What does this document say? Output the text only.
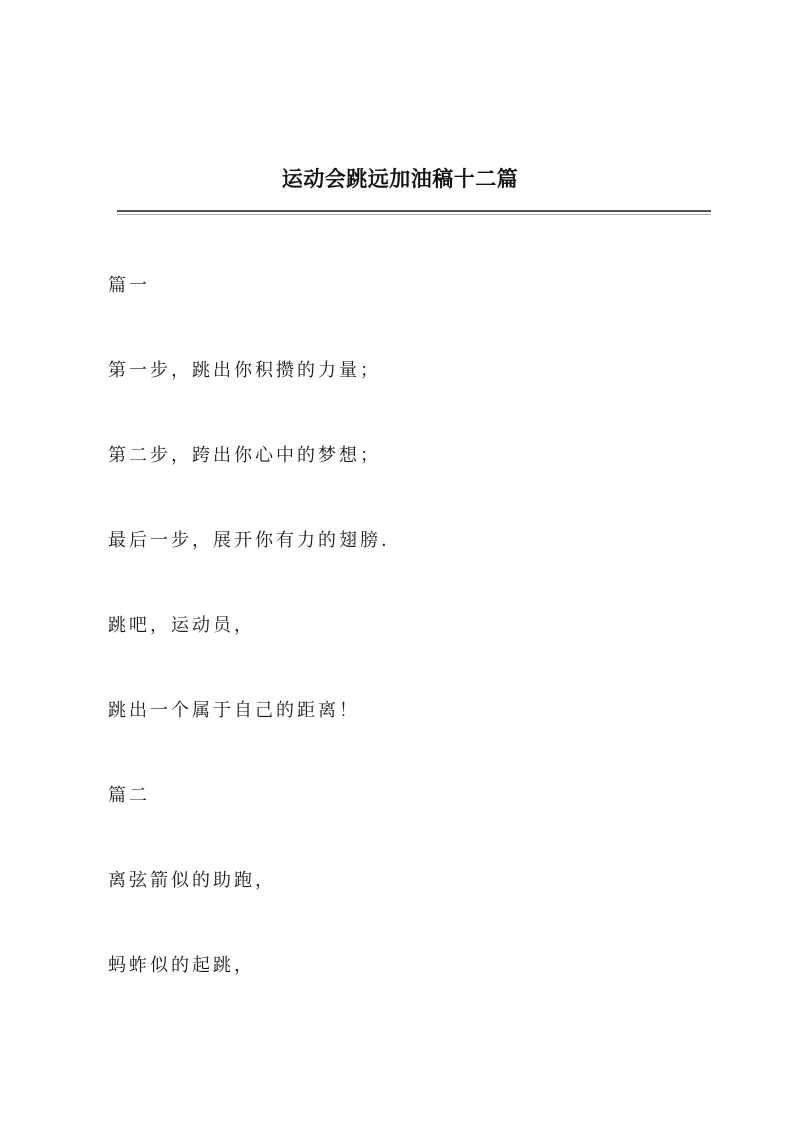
运动会跳远加油稿十二篇
篇一
第一步，跳出你积攒的力量；
第二步，跨出你心中的梦想；
最后一步，展开你有力的翅膀.
跳吧，运动员，
跳出一个属于自己的距离！
篇二
离弦箭似的助跑，
蚂蚱似的起跳，
